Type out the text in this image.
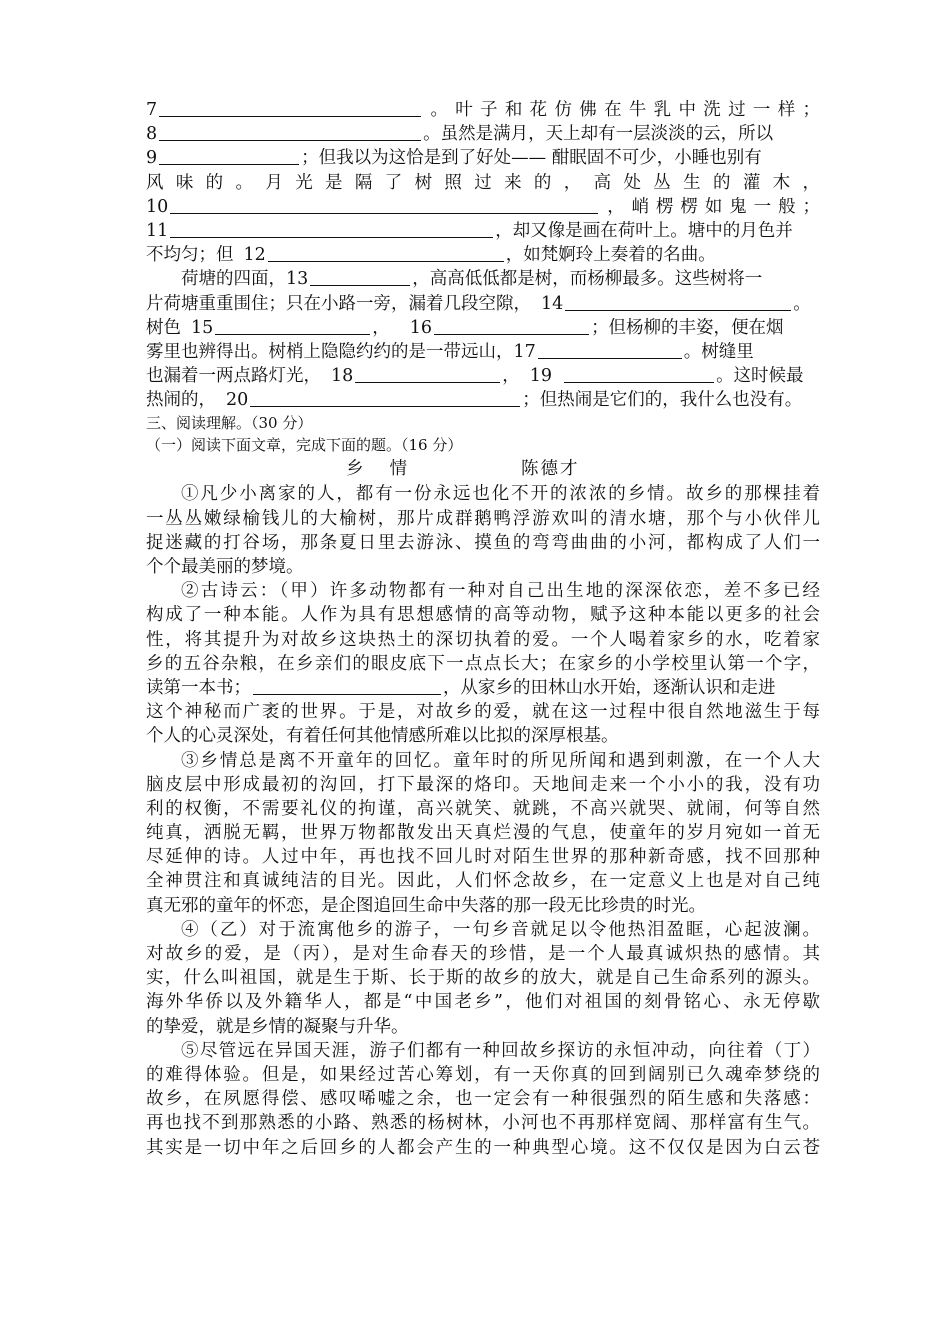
7	。叶子和花仿佛在牛乳中洗过一样；
8	。虽然是满月，天上却有一层淡淡的云，所以
9	；但我以为这恰是到了好处—— 酣眠固不可少，小睡也别有
风味的。月光是隔了树照过来的，高处丛生的灌木，
10	，峭楞楞如鬼一般；
11	，却又像是画在荷叶上。塘中的月色并
不均匀；但 12	，如梵婀玲上奏着的名曲。
荷塘的四面，13	，高高低低都是树，而杨柳最多。这些树将一
片荷塘重重围住；只在小路一旁，漏着几段空隙， 14	。
树色 15	， 16	；但杨柳的丰姿，便在烟
雾里也辨得出。树梢上隐隐约约的是一带远山，17	。树缝里
也漏着一两点路灯光， 18	， 19	。这时候最
热闹的， 20	；但热闹是它们的，我什么也没有。
三、阅读理解。（30 分）
（一）阅读下面文章，完成下面的题。（16 分）
乡情	陈德才
①凡少小离家的人，都有一份永远也化不开的浓浓的乡情。故乡的那棵挂着
一丛丛嫩绿榆钱儿的大榆树，那片成群鹅鸭浮游欢叫的清水塘，那个与小伙伴儿
捉迷藏的打谷场，那条夏日里去游泳、摸鱼的弯弯曲曲的小河，都构成了人们一
个个最美丽的梦境。
②古诗云：（甲）许多动物都有一种对自己出生地的深深依恋，差不多已经
构成了一种本能。人作为具有思想感情的高等动物，赋予这种本能以更多的社会
性，将其提升为对故乡这块热土的深切执着的爱。一个人喝着家乡的水，吃着家
乡的五谷杂粮，在乡亲们的眼皮底下一点点长大；在家乡的小学校里认第一个字，
读第一本书；	，从家乡的田林山水开始，逐渐认识和走进
这个神秘而广袤的世界。于是，对故乡的爱，就在这一过程中很自然地滋生于每
个人的心灵深处，有着任何其他情感所难以比拟的深厚根基。
③乡情总是离不开童年的回忆。童年时的所见所闻和遇到刺激，在一个人大
脑皮层中形成最初的沟回，打下最深的烙印。天地间走来一个小小的我，没有功
利的权衡，不需要礼仪的拘谨，高兴就笑、就跳，不高兴就哭、就闹，何等自然
纯真，洒脱无羁，世界万物都散发出天真烂漫的气息，使童年的岁月宛如一首无
尽延伸的诗。人过中年，再也找不回儿时对陌生世界的那种新奇感，找不回那种
全神贯注和真诚纯洁的目光。因此，人们怀念故乡，在一定意义上也是对自己纯
真无邪的童年的怀恋，是企图追回生命中失落的那一段无比珍贵的时光。
④（乙）对于流寓他乡的游子，一句乡音就足以令他热泪盈眶，心起波澜。
对故乡的爱，是（丙），是对生命春天的珍惜，是一个人最真诚炽热的感情。其
实，什么叫祖国，就是生于斯、长于斯的故乡的放大，就是自己生命系列的源头。
海外华侨以及外籍华人，都是“中国老乡”，他们对祖国的刻骨铭心、永无停歇
的挚爱，就是乡情的凝聚与升华。
⑤尽管远在异国天涯，游子们都有一种回故乡探访的永恒冲动，向往着（丁）
的难得体验。但是，如果经过苦心筹划，有一天你真的回到阔别已久魂牵梦绕的
故乡，在夙愿得偿、感叹唏嘘之余，也一定会有一种很强烈的陌生感和失落感：
再也找不到那熟悉的小路、熟悉的杨树林，小河也不再那样宽阔、那样富有生气。
其实是一切中年之后回乡的人都会产生的一种典型心境。这不仅仅是因为白云苍
